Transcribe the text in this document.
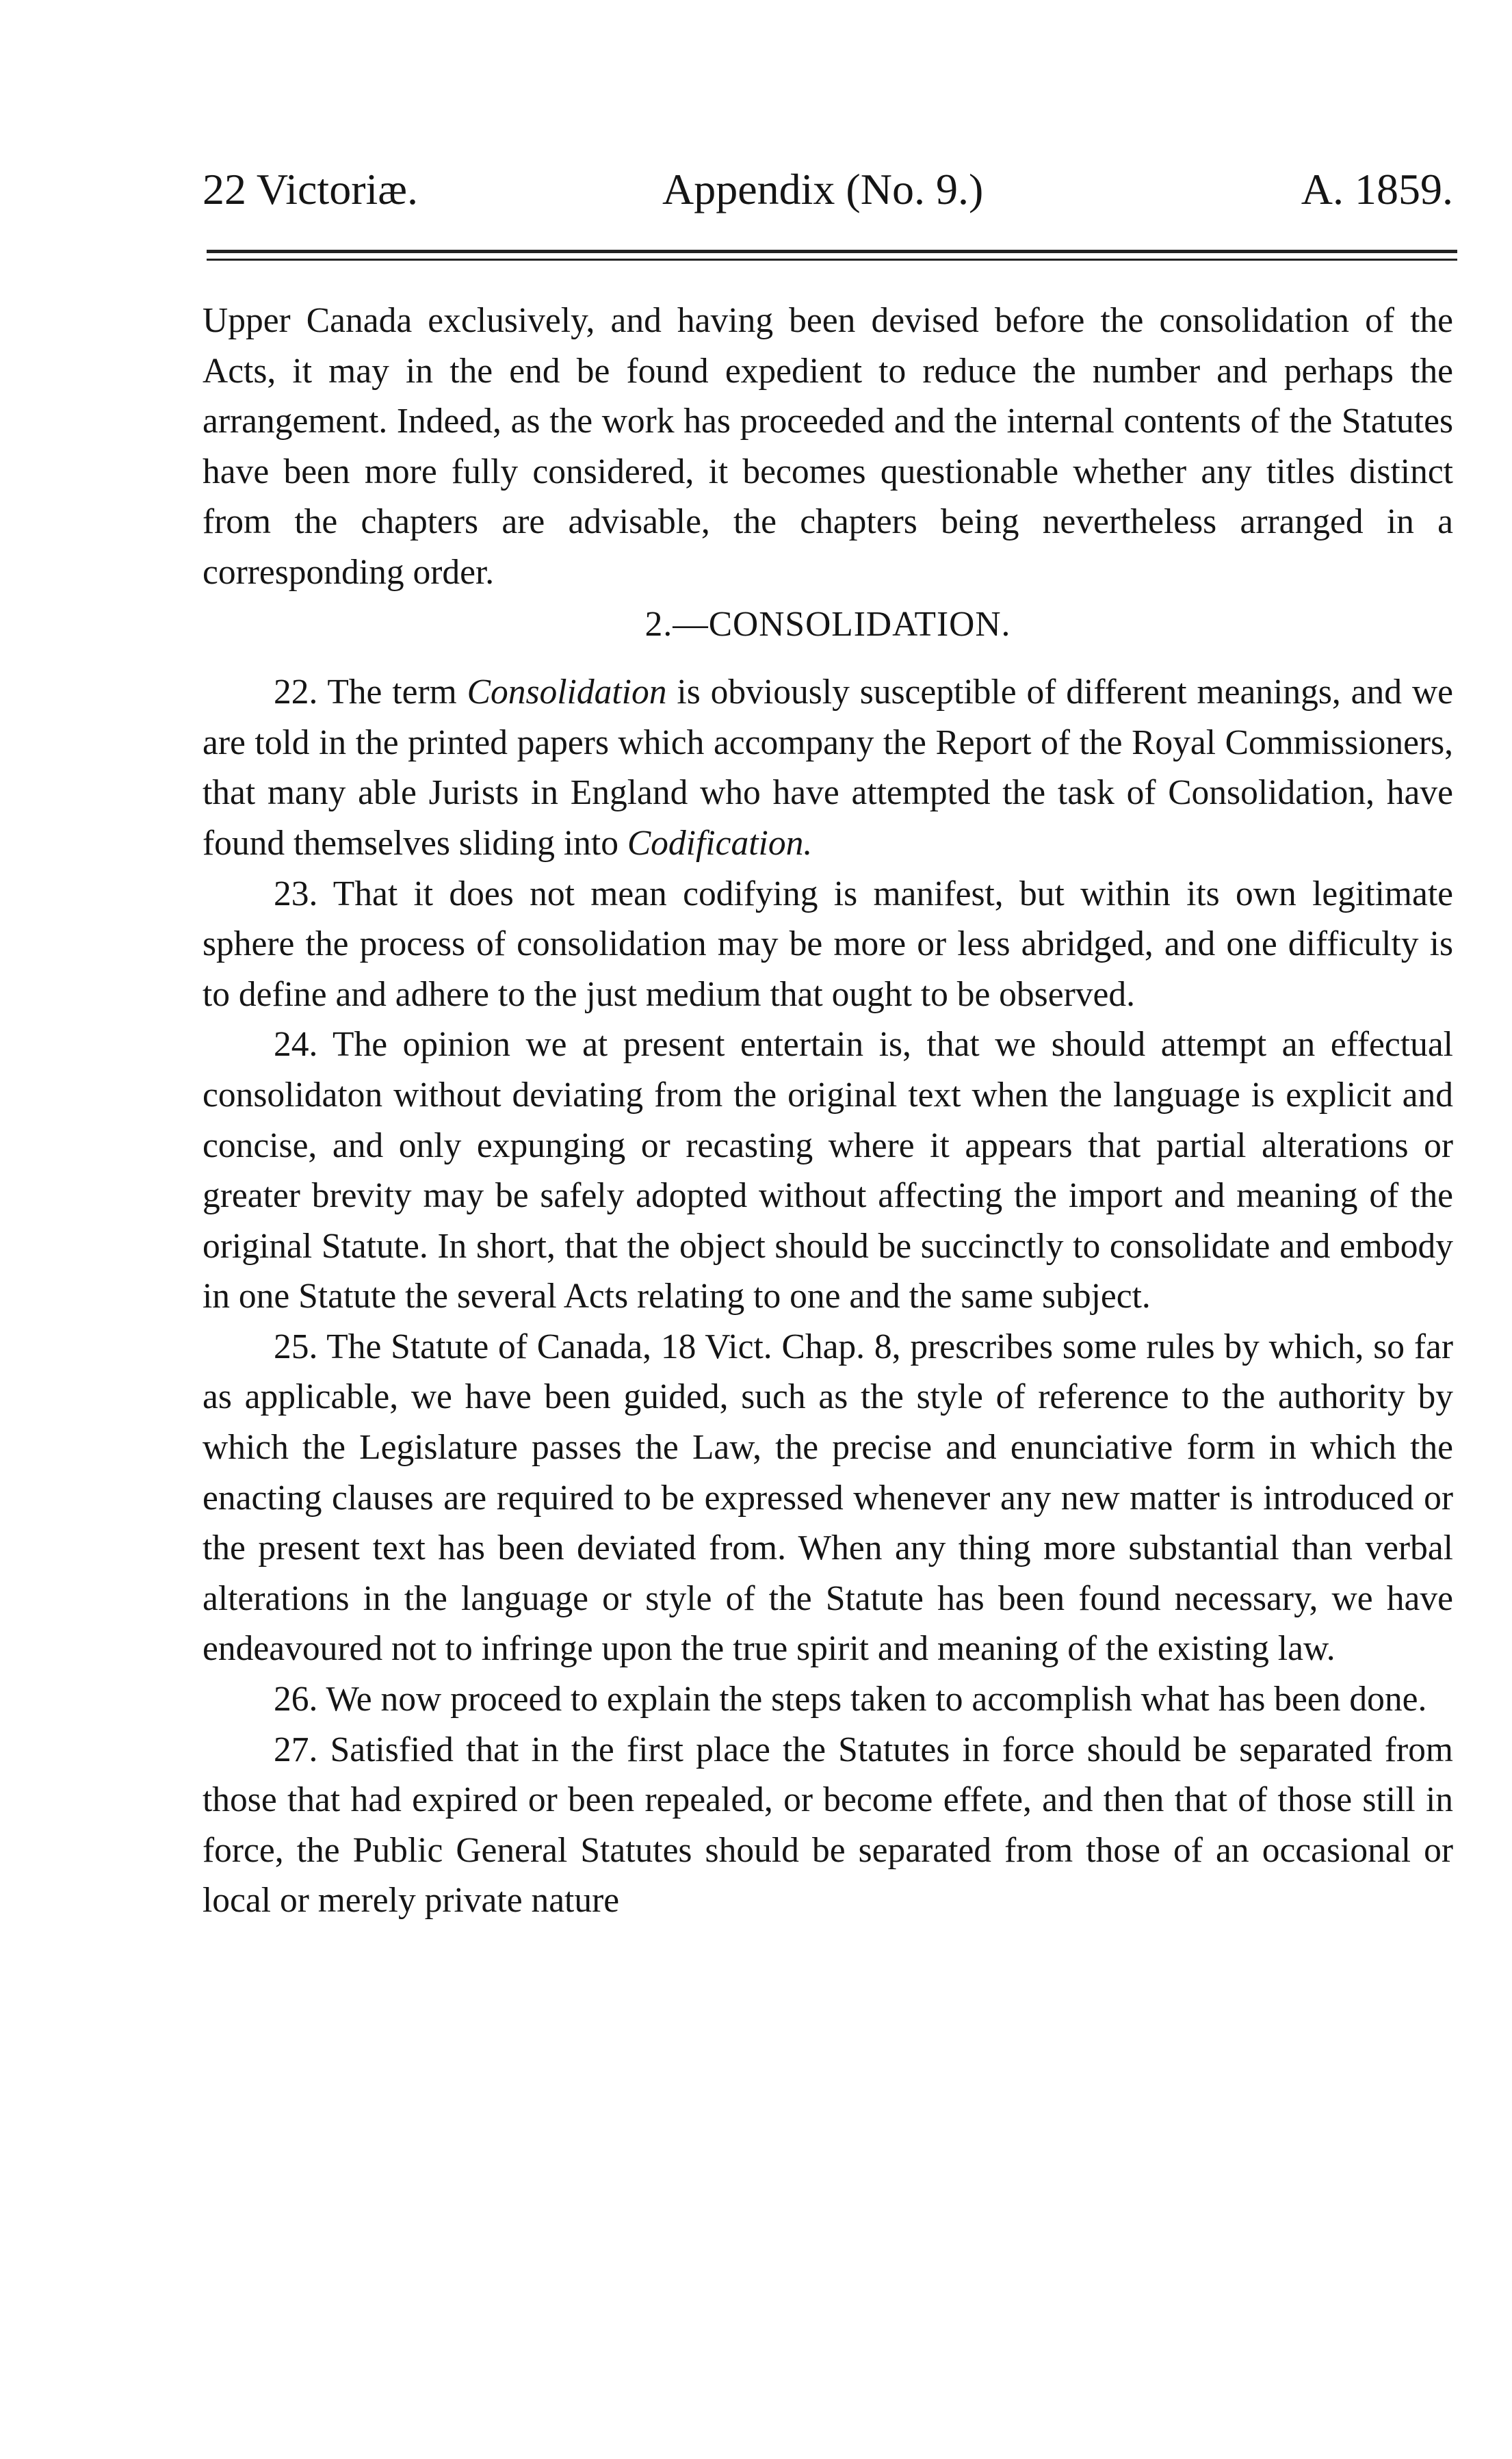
22 Victoriæ.	Appendix (No. 9.)	A. 1859.

Upper Canada exclusively, and having been devised before the consolidation of the Acts, it may in the end be found expedient to reduce the number and perhaps the arrangement. Indeed, as the work has proceeded and the internal contents of the Statutes have been more fully considered, it becomes questionable whether any titles distinct from the chapters are advisable, the chapters being nevertheless arranged in a corresponding order.

2.—CONSOLIDATION.

22. The term Consolidation is obviously susceptible of different meanings, and we are told in the printed papers which accompany the Report of the Royal Commissioners, that many able Jurists in England who have attempted the task of Consolidation, have found themselves sliding into Codification.

23. That it does not mean codifying is manifest, but within its own legitimate sphere the process of consolidation may be more or less abridged, and one difficulty is to define and adhere to the just medium that ought to be observed.

24. The opinion we at present entertain is, that we should attempt an effectual consolidaton without deviating from the original text when the language is explicit and concise, and only expunging or recasting where it appears that partial alterations or greater brevity may be safely adopted without affecting the import and meaning of the original Statute. In short, that the object should be succinctly to consolidate and embody in one Statute the several Acts relating to one and the same subject.

25. The Statute of Canada, 18 Vict. Chap. 8, prescribes some rules by which, so far as applicable, we have been guided, such as the style of reference to the authority by which the Legislature passes the Law, the precise and enunciative form in which the enacting clauses are required to be expressed whenever any new matter is introduced or the present text has been deviated from. When any thing more substantial than verbal alterations in the language or style of the Statute has been found necessary, we have endeavoured not to infringe upon the true spirit and meaning of the existing law.

26. We now proceed to explain the steps taken to accomplish what has been done.

27. Satisfied that in the first place the Statutes in force should be separated from those that had expired or been repealed, or become effete, and then that of those still in force, the Public General Statutes should be separated from those of an occasional or local or merely private nature
